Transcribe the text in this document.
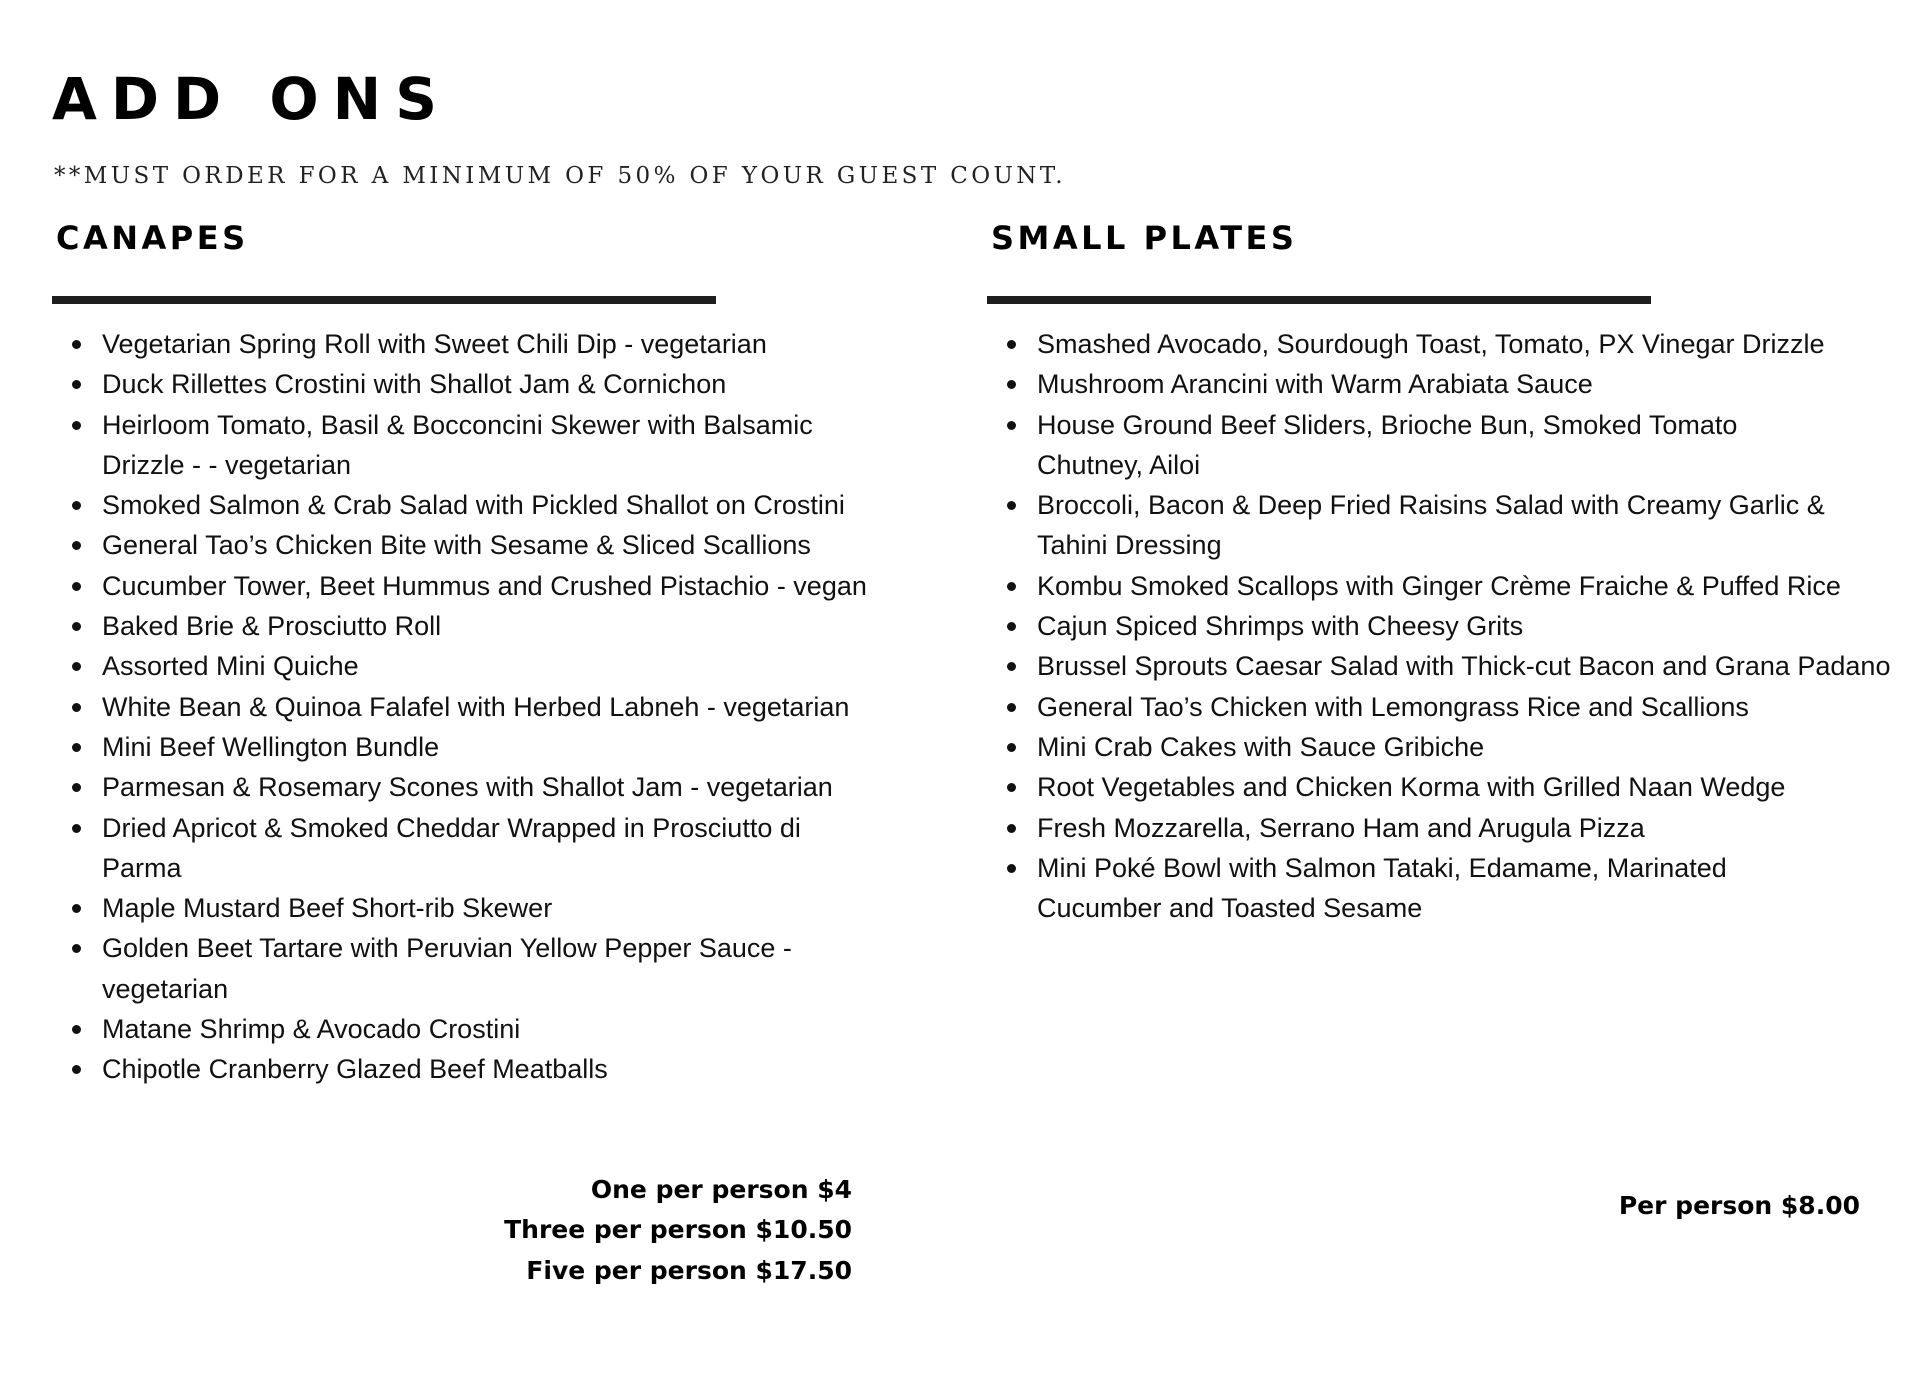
ADD ONS
**MUST ORDER FOR A MINIMUM OF 50% OF YOUR GUEST COUNT.
CANAPES
Vegetarian Spring Roll with Sweet Chili Dip - vegetarian
Duck Rillettes Crostini with Shallot Jam & Cornichon
Heirloom Tomato, Basil & Bocconcini Skewer with Balsamic Drizzle - - vegetarian
Smoked Salmon & Crab Salad with Pickled Shallot on Crostini
General Tao’s Chicken Bite with Sesame & Sliced Scallions
Cucumber Tower, Beet Hummus and Crushed Pistachio - vegan
Baked Brie & Prosciutto Roll
Assorted Mini Quiche
White Bean & Quinoa Falafel with Herbed Labneh - vegetarian
Mini Beef Wellington Bundle
Parmesan & Rosemary Scones with Shallot Jam - vegetarian
Dried Apricot & Smoked Cheddar Wrapped in Prosciutto di Parma
Maple Mustard Beef Short-rib Skewer
Golden Beet Tartare with Peruvian Yellow Pepper Sauce - vegetarian
Matane Shrimp & Avocado Crostini
Chipotle Cranberry Glazed Beef Meatballs
SMALL PLATES
Smashed Avocado, Sourdough Toast, Tomato, PX Vinegar Drizzle
Mushroom Arancini with Warm Arabiata Sauce
House Ground Beef Sliders, Brioche Bun, Smoked Tomato Chutney, Ailoi
Broccoli, Bacon & Deep Fried Raisins Salad with Creamy Garlic & Tahini Dressing
Kombu Smoked Scallops with Ginger Crème Fraiche & Puffed Rice
Cajun Spiced Shrimps with Cheesy Grits
Brussel Sprouts Caesar Salad with Thick-cut Bacon and Grana Padano
General Tao’s Chicken with Lemongrass Rice and Scallions
Mini Crab Cakes with Sauce Gribiche
Root Vegetables and Chicken Korma with Grilled Naan Wedge
Fresh Mozzarella, Serrano Ham and Arugula Pizza
Mini Poké Bowl with Salmon Tataki, Edamame, Marinated Cucumber and Toasted Sesame
One per person $4
Three per person $10.50
Five per person $17.50
Per person $8.00
